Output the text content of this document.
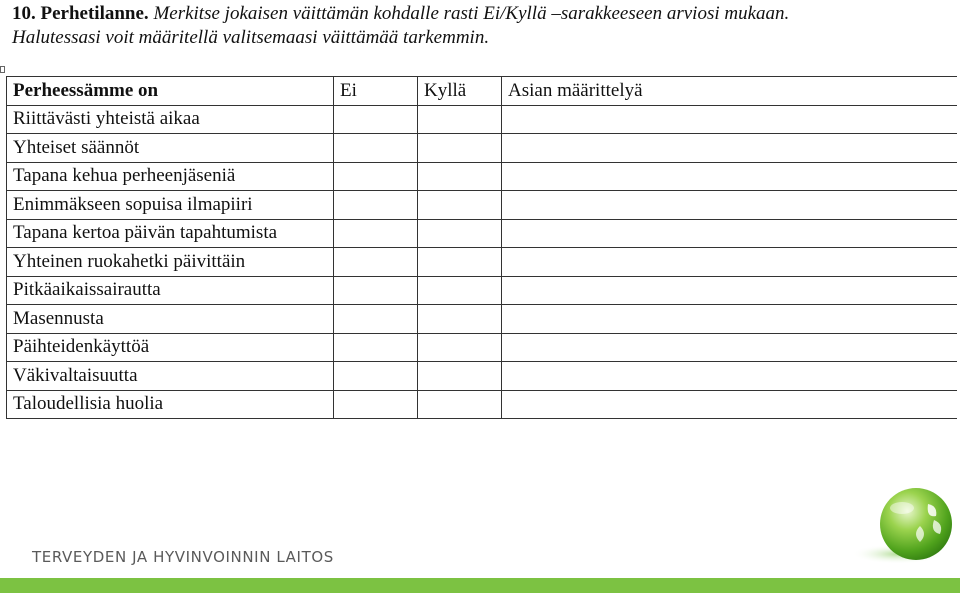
10. Perhetilanne. Merkitse jokaisen väittämän kohdalle rasti Ei/Kyllä –sarakkeeseen arviosi mukaan.
Halutessasi voit määritellä valitsemaasi väittämää tarkemmin.
Perheessämme on	Ei	Kyllä	Asian määrittelyä
Riittävästi yhteistä aikaa			
Yhteiset säännöt			
Tapana kehua perheenjäseniä			
Enimmäkseen sopuisa ilmapiiri			
Tapana kertoa päivän tapahtumista			
Yhteinen ruokahetki päivittäin			
Pitkäaikaissairautta			
Masennusta			
Päihteidenkäyttöä			
Väkivaltaisuutta			
Taloudellisia huolia			
TERVEYDEN JA HYVINVOINNIN LAITOS
